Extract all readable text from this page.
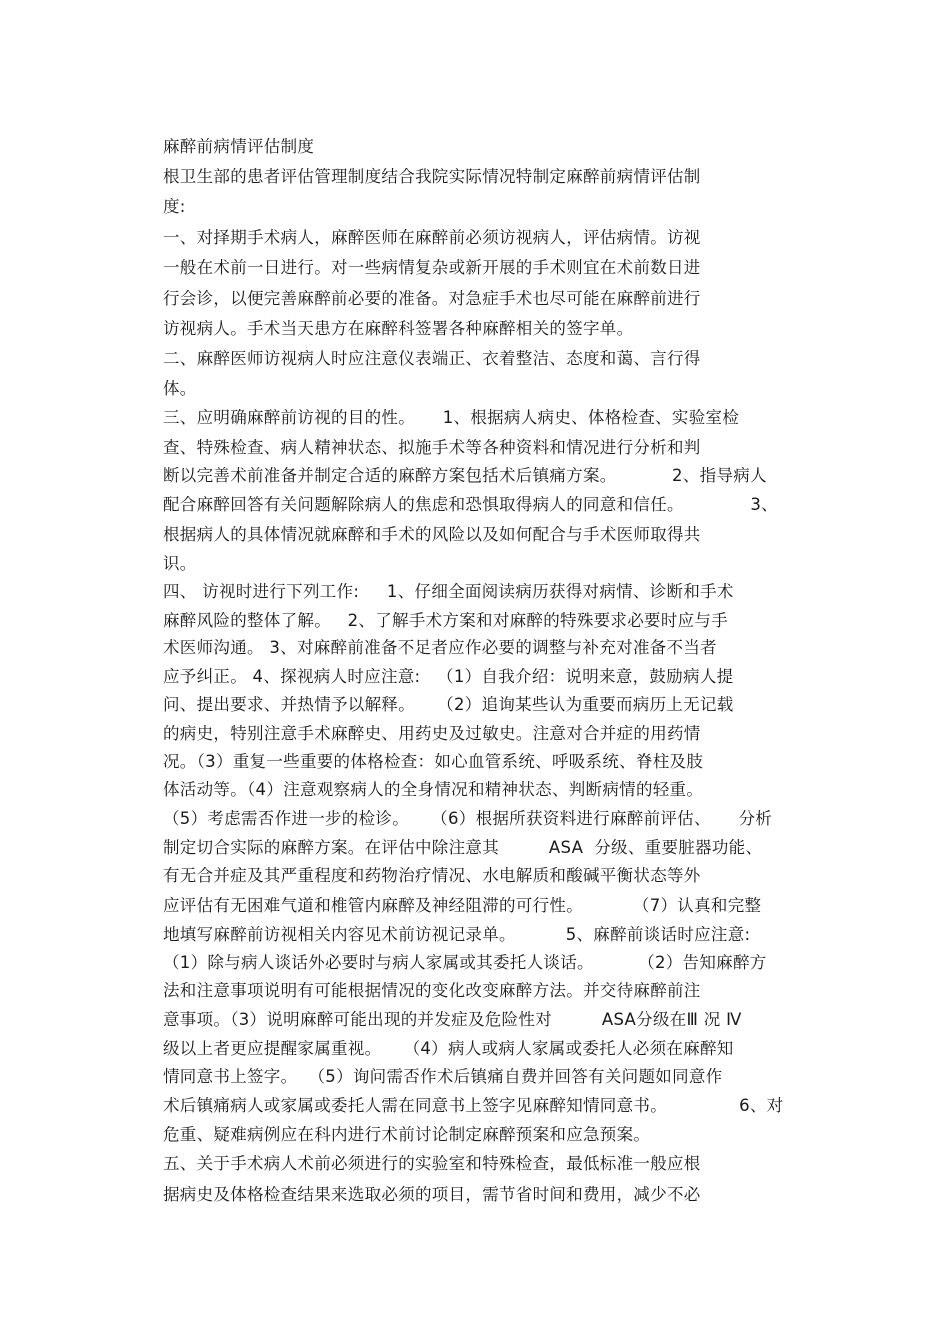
麻醉前病情评估制度
根卫生部的患者评估管理制度结合我院实际情况特制定麻醉前病情评估制
度:
一、对择期手术病人，麻醉医师在麻醉前必须访视病人，评估病情。访视
一般在术前一日进行。对一些病情复杂或新开展的手术则宜在术前数日进
行会诊，以便完善麻醉前必要的准备。对急症手术也尽可能在麻醉前进行
访视病人。手术当天患方在麻醉科签署各种麻醉相关的签字单。
二、麻醉医师访视病人时应注意仪表端正、衣着整洁、态度和蔼、言行得
体。
三、应明确麻醉前访视的目的性。     1、根据病人病史、体格检查、实验室检
查、特殊检查、病人精神状态、拟施手术等各种资料和情况进行分析和判
断以完善术前准备并制定合适的麻醉方案包括术后镇痛方案。          2、指导病人
配合麻醉回答有关问题解除病人的焦虑和恐惧取得病人的同意和信任。            3、
根据病人的具体情况就麻醉和手术的风险以及如何配合与手术医师取得共
识。
四、 访视时进行下列工作:     1、仔细全面阅读病历获得对病情、诊断和手术
麻醉风险的整体了解。   2、了解手术方案和对麻醉的特殊要求必要时应与手
术医师沟通。 3、对麻醉前准备不足者应作必要的调整与补充对准备不当者
应予纠正。 4、探视病人时应注意:   （1）自我介绍：说明来意，鼓励病人提
问、提出要求、并热情予以解释。    （2）追询某些认为重要而病历上无记载
的病史，特别注意手术麻醉史、用药史及过敏史。注意对合并症的用药情
况。（3）重复一些重要的体格检查：如心血管系统、呼吸系统、脊柱及肢
体活动等。（4）注意观察病人的全身情况和精神状态、判断病情的轻重。
（5）考虑需否作进一步的检诊。    （6）根据所获资料进行麻醉前评估、     分析
制定切合实际的麻醉方案。在评估中除注意其         ASA  分级、重要脏器功能、
有无合并症及其严重程度和药物治疗情况、水电解质和酸碱平衡状态等外
应评估有无困难气道和椎管内麻醉及神经阻滞的可行性。         （7）认真和完整
地填写麻醉前访视相关内容见术前访视记录单。         5、麻醉前谈话时应注意:
（1）除与病人谈话外必要时与病人家属或其委托人谈话。        （2）告知麻醉方
法和注意事项说明有可能根据情况的变化改变麻醉方法。并交待麻醉前注
意事项。（3）说明麻醉可能出现的并发症及危险性对         ASA分级在Ⅲ 况 Ⅳ
级以上者更应提醒家属重视。    （4）病人或病人家属或委托人必须在麻醉知
情同意书上签字。  （5）询问需否作术后镇痛自费并回答有关问题如同意作
术后镇痛病人或家属或委托人需在同意书上签字见麻醉知情同意书。             6、对
危重、疑难病例应在科内进行术前讨论制定麻醉预案和应急预案。
五、关于手术病人术前必须进行的实验室和特殊检查，最低标准一般应根
据病史及体格检查结果来选取必须的项目，需节省时间和费用，减少不必
